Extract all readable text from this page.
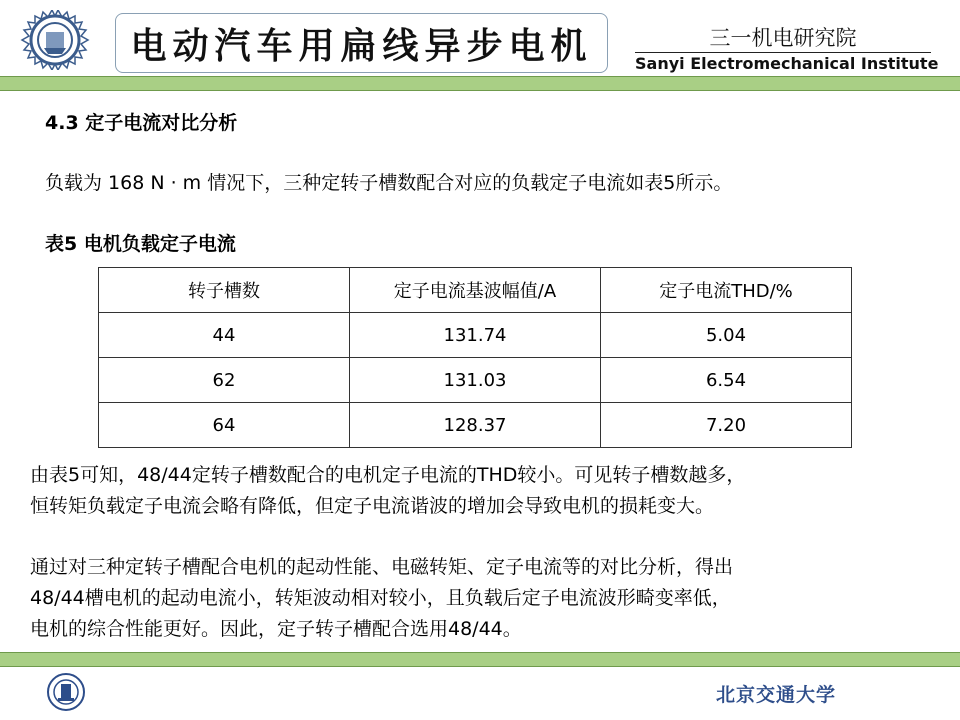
电动汽车用扁线异步电机	三一机电研究院
Sanyi Electromechanical Institute
4.3 定子电流对比分析
负载为 168 N · m 情况下，三种定转子槽数配合对应的负载定子电流如表5所示。
表5 电机负载定子电流
转子槽数	定子电流基波幅值/A	定子电流THD/%
44	131.74	5.04
62	131.03	6.54
64	128.37	7.20
由表5可知，48/44定转子槽数配合的电机定子电流的THD较小。可见转子槽数越多，
恒转矩负载定子电流会略有降低，但定子电流谐波的增加会导致电机的损耗变大。
通过对三种定转子槽配合电机的起动性能、电磁转矩、定子电流等的对比分析，得出
48/44槽电机的起动电流小，转矩波动相对较小，且负载后定子电流波形畸变率低，
电机的综合性能更好。因此，定子转子槽配合选用48/44。
北京交通大学
